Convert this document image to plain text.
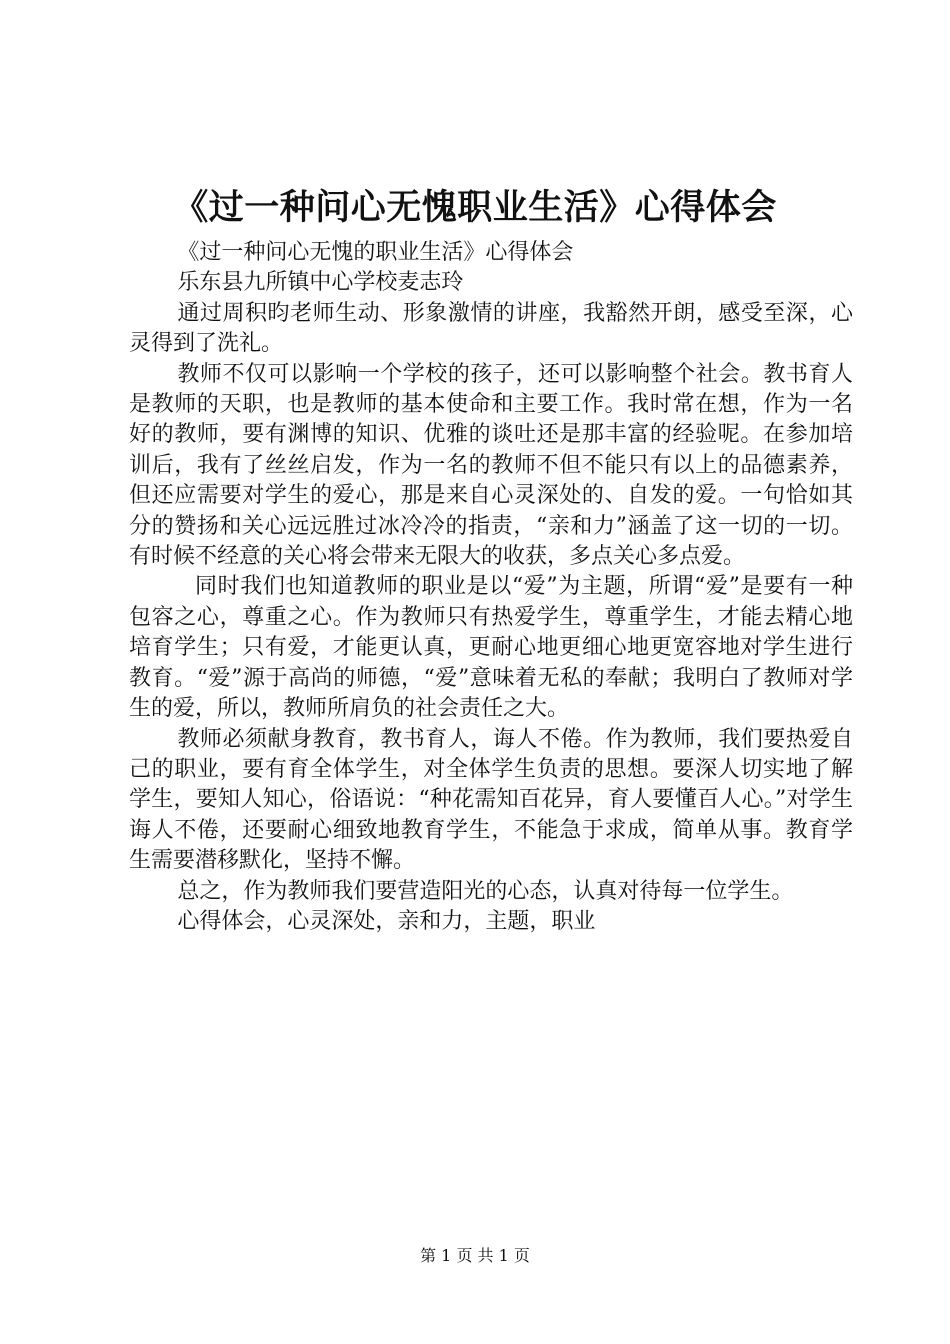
《过一种问心无愧职业生活》心得体会

《过一种问心无愧的职业生活》心得体会

乐东县九所镇中心学校麦志玲

通过周积昀老师生动、形象激情的讲座，我豁然开朗，感受至深，心灵得到了洗礼。

教师不仅可以影响一个学校的孩子，还可以影响整个社会。教书育人是教师的天职，也是教师的基本使命和主要工作。我时常在想，作为一名好的教师，要有渊博的知识、优雅的谈吐还是那丰富的经验呢。在参加培训后，我有了丝丝启发，作为一名的教师不但不能只有以上的品德素养，但还应需要对学生的爱心，那是来自心灵深处的、自发的爱。一句恰如其分的赞扬和关心远远胜过冰冷冷的指责，“亲和力”涵盖了这一切的一切。有时候不经意的关心将会带来无限大的收获，多点关心多点爱。

同时我们也知道教师的职业是以“爱”为主题，所谓“爱”是要有一种包容之心，尊重之心。作为教师只有热爱学生，尊重学生，才能去精心地培育学生；只有爱，才能更认真，更耐心地更细心地更宽容地对学生进行教育。“爱”源于高尚的师德，“爱”意味着无私的奉献；我明白了教师对学生的爱，所以，教师所肩负的社会责任之大。

教师必须献身教育，教书育人，诲人不倦。作为教师，我们要热爱自己的职业，要有育全体学生，对全体学生负责的思想。要深人切实地了解学生，要知人知心，俗语说：“种花需知百花异，育人要懂百人心。”对学生诲人不倦，还要耐心细致地教育学生，不能急于求成，简单从事。教育学生需要潜移默化，坚持不懈。

总之，作为教师我们要营造阳光的心态，认真对待每一位学生。

心得体会，心灵深处，亲和力，主题，职业

第 1 页 共 1 页
